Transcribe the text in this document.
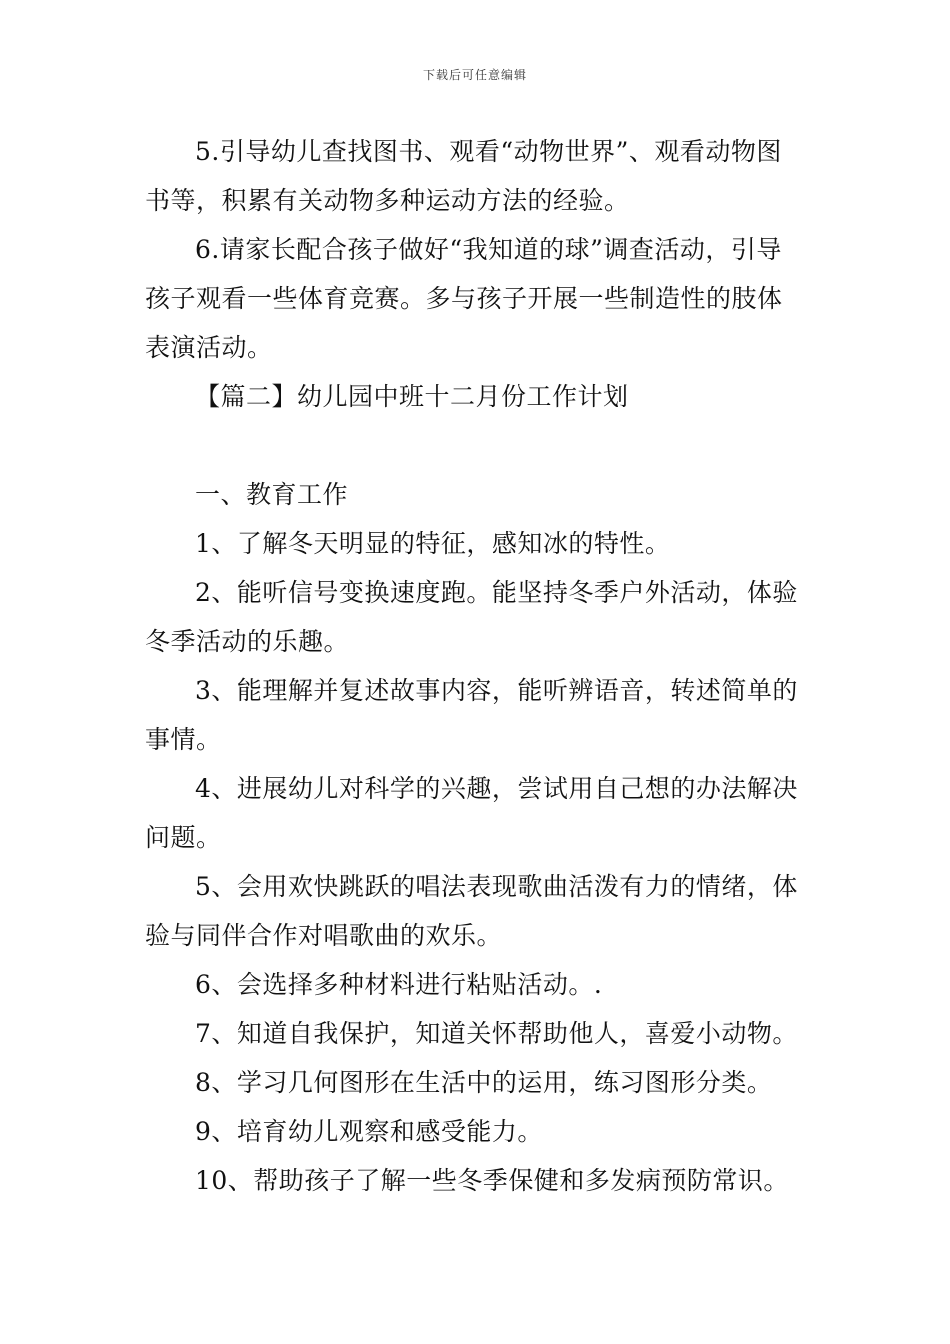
下载后可任意编辑

5.引导幼儿查找图书、观看“动物世界”、观看动物图书等，积累有关动物多种运动方法的经验。

6.请家长配合孩子做好“我知道的球”调查活动，引导孩子观看一些体育竞赛。多与孩子开展一些制造性的肢体表演活动。

【篇二】幼儿园中班十二月份工作计划

一、教育工作

1、了解冬天明显的特征，感知冰的特性。

2、能听信号变换速度跑。能坚持冬季户外活动，体验冬季活动的乐趣。

3、能理解并复述故事内容，能听辨语音，转述简单的事情。

4、进展幼儿对科学的兴趣，尝试用自己想的办法解决问题。

5、会用欢快跳跃的唱法表现歌曲活泼有力的情绪，体验与同伴合作对唱歌曲的欢乐。

6、会选择多种材料进行粘贴活动。.

7、知道自我保护，知道关怀帮助他人，喜爱小动物。

8、学习几何图形在生活中的运用，练习图形分类。

9、培育幼儿观察和感受能力。

10、帮助孩子了解一些冬季保健和多发病预防常识。
